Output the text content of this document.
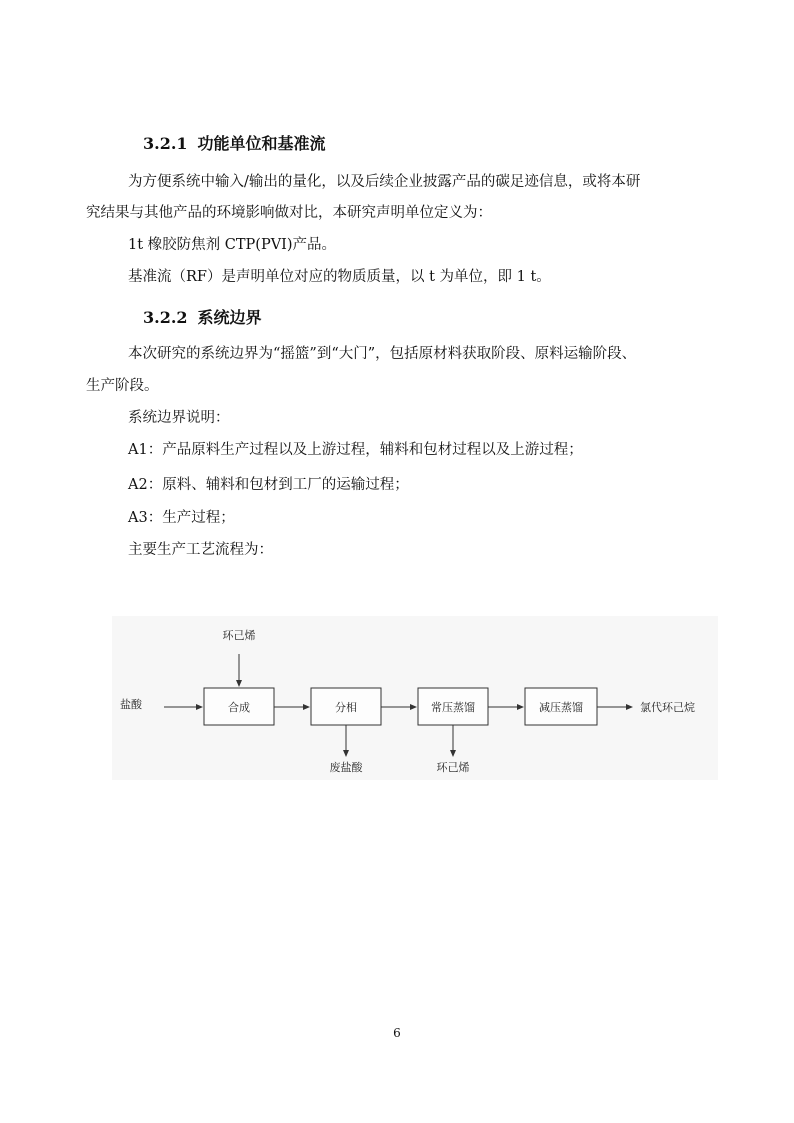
3.2.1 功能单位和基准流
为方便系统中输入/输出的量化，以及后续企业披露产品的碳足迹信息，或将本研
究结果与其他产品的环境影响做对比，本研究声明单位定义为：
1t 橡胶防焦剂 CTP(PVI)产品。
基准流（RF）是声明单位对应的物质质量，以 t 为单位，即 1 t。
3.2.2 系统边界
本次研究的系统边界为“摇篮”到“大门”，包括原材料获取阶段、原料运输阶段、
生产阶段。
系统边界说明：
A1：产品原料生产过程以及上游过程，辅料和包材过程以及上游过程；
A2：原料、辅料和包材到工厂的运输过程；
A3：生产过程；
主要生产工艺流程为：
盐酸
环己烯
合成	分相	常压蒸馏	减压蒸馏	氯代环己烷
废盐酸	环己烯
6
